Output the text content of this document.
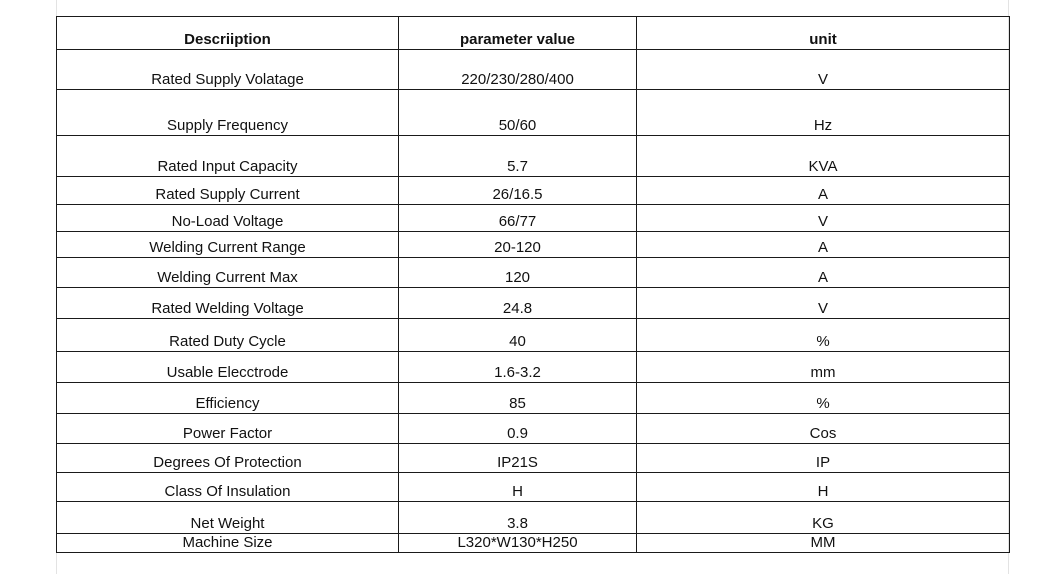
Descriiption	parameter value	unit
Rated Supply Volatage	220/230/280/400	V
Supply Frequency	50/60	Hz
Rated Input Capacity	5.7	KVA
Rated Supply Current	26/16.5	A
No-Load Voltage	66/77	V
Welding Current Range	20-120	A
Welding Current Max	120	A
Rated Welding Voltage	24.8	V
Rated Duty Cycle	40	%
Usable Elecctrode	1.6-3.2	mm
Efficiency	85	%
Power Factor	0.9	Cos
Degrees Of Protection	IP21S	IP
Class Of Insulation	H	H
Net Weight	3.8	KG
Machine Size	L320*W130*H250	MM
